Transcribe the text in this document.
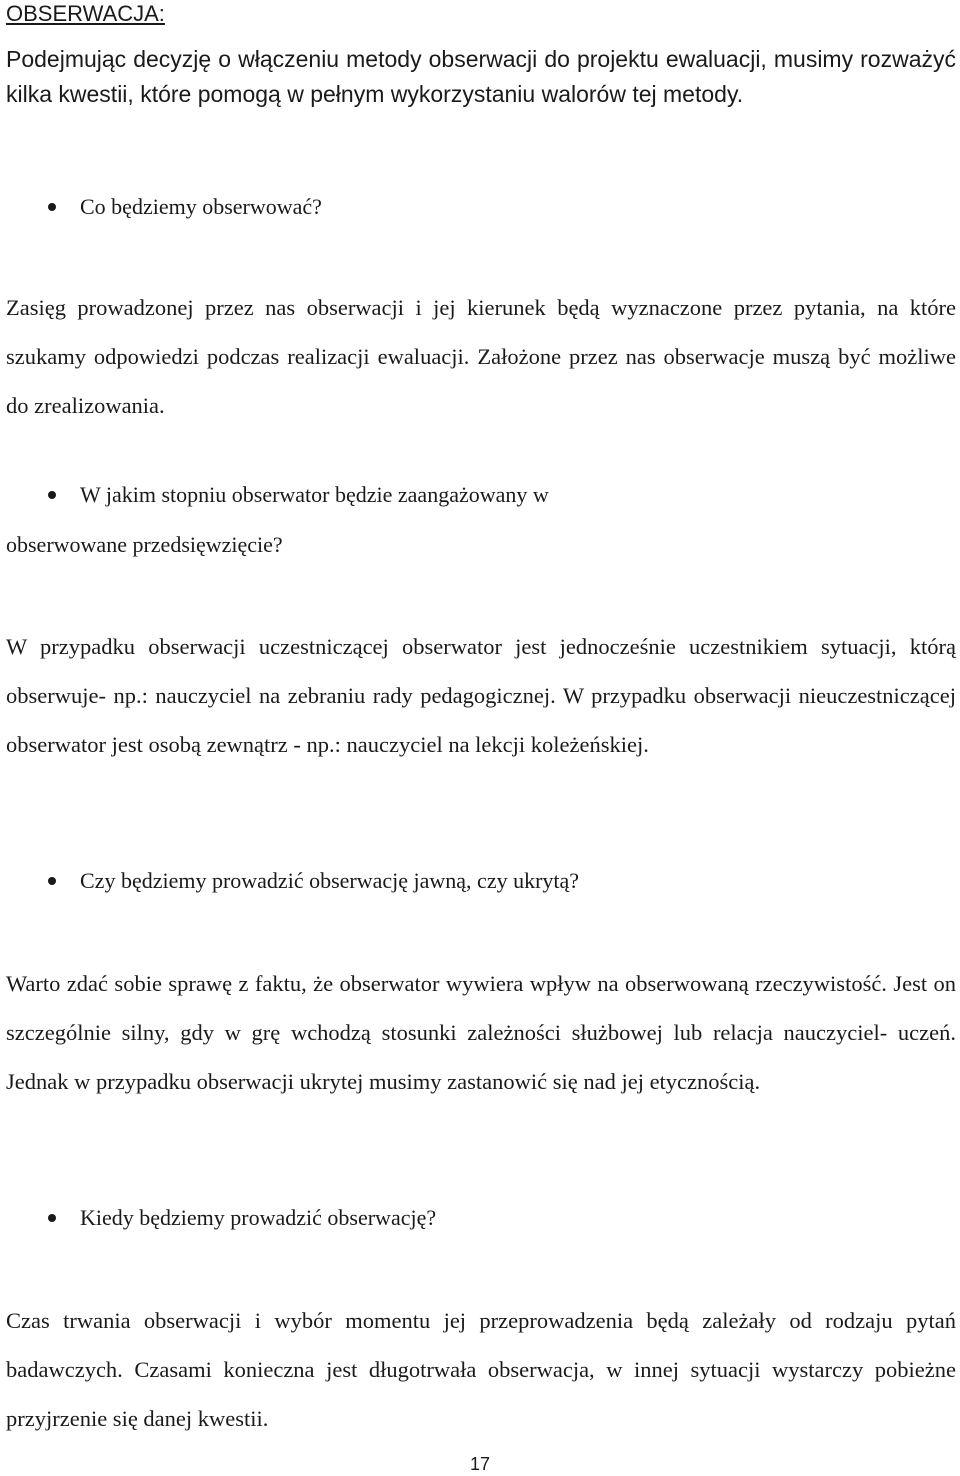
OBSERWACJA:
Podejmując decyzję o włączeniu metody obserwacji do projektu ewaluacji, musimy rozważyć kilka kwestii, które pomogą w pełnym wykorzystaniu walorów tej metody.
Co będziemy obserwować?
Zasięg prowadzonej przez nas obserwacji i jej kierunek będą wyznaczone przez pytania, na które szukamy odpowiedzi podczas realizacji ewaluacji. Założone przez nas obserwacje muszą być możliwe do zrealizowania.
W jakim stopniu obserwator będzie zaangażowany w
obserwowane przedsięwzięcie?
W przypadku obserwacji uczestniczącej obserwator jest jednocześnie uczestnikiem sytuacji, którą obserwuje- np.: nauczyciel na zebraniu rady pedagogicznej. W przypadku obserwacji nieuczestniczącej obserwator jest osobą zewnątrz - np.: nauczyciel na lekcji koleżeńskiej.
Czy będziemy prowadzić obserwację jawną, czy ukrytą?
Warto zdać sobie sprawę z faktu, że obserwator wywiera wpływ na obserwowaną rzeczywistość. Jest on szczególnie silny, gdy w grę wchodzą stosunki zależności służbowej lub relacja nauczyciel- uczeń. Jednak w przypadku obserwacji ukrytej musimy zastanowić się nad jej etycznością.
Kiedy będziemy prowadzić obserwację?
Czas trwania obserwacji i wybór momentu jej przeprowadzenia będą zależały od rodzaju pytań badawczych. Czasami konieczna jest długotrwała obserwacja, w innej sytuacji wystarczy pobieżne przyjrzenie się danej kwestii.
17
